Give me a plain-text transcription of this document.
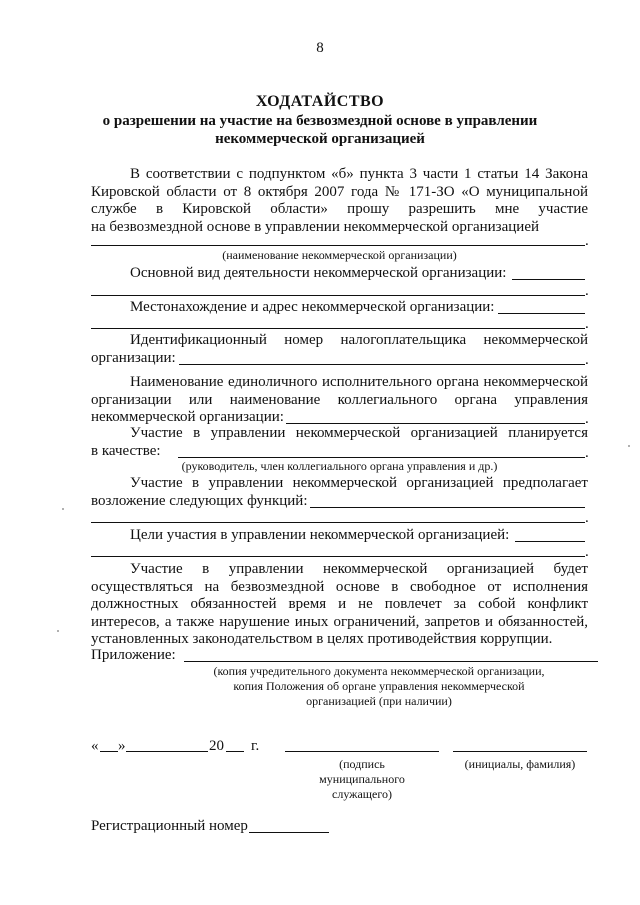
8
ХОДАТАЙСТВО
о разрешении на участие на безвозмездной основе в управлении
некоммерческой организацией
В соответствии с подпунктом «б» пункта 3 части 1 статьи 14 Закона
Кировской области от 8 октября 2007 года № 171-ЗО «О муниципальной
службе в Кировской области» прошу разрешить мне участие
на безвозмездной основе в управлении некоммерческой организацией
.
(наименование некоммерческой организации)
Основной вид деятельности некоммерческой организации:
.
Местонахождение и адрес некоммерческой организации:
.
Идентификационный номер налогоплательщика некоммерческой
организации:	.
Наименование единоличного исполнительного органа некоммерческой
организации или наименование коллегиального органа управления
некоммерческой организации:	.
Участие в управлении некоммерческой организацией планируется
в качестве:	.
(руководитель, член коллегиального органа управления и др.)
Участие в управлении некоммерческой организацией предполагает
возложение следующих функций:
.
Цели участия в управлении некоммерческой организацией:
.
Участие в управлении некоммерческой организацией будет
осуществляться на безвозмездной основе в свободное от исполнения
должностных обязанностей время и не повлечет за собой конфликт
интересов, а также нарушение иных ограничений, запретов и обязанностей,
установленных законодательством в целях противодействия коррупции.
Приложение:
(копия учредительного документа некоммерческой организации,
копия Положения об органе управления некоммерческой
организацией (при наличии)
« »	20 г.
(подпись
муниципального
служащего)
(инициалы, фамилия)
Регистрационный номер
